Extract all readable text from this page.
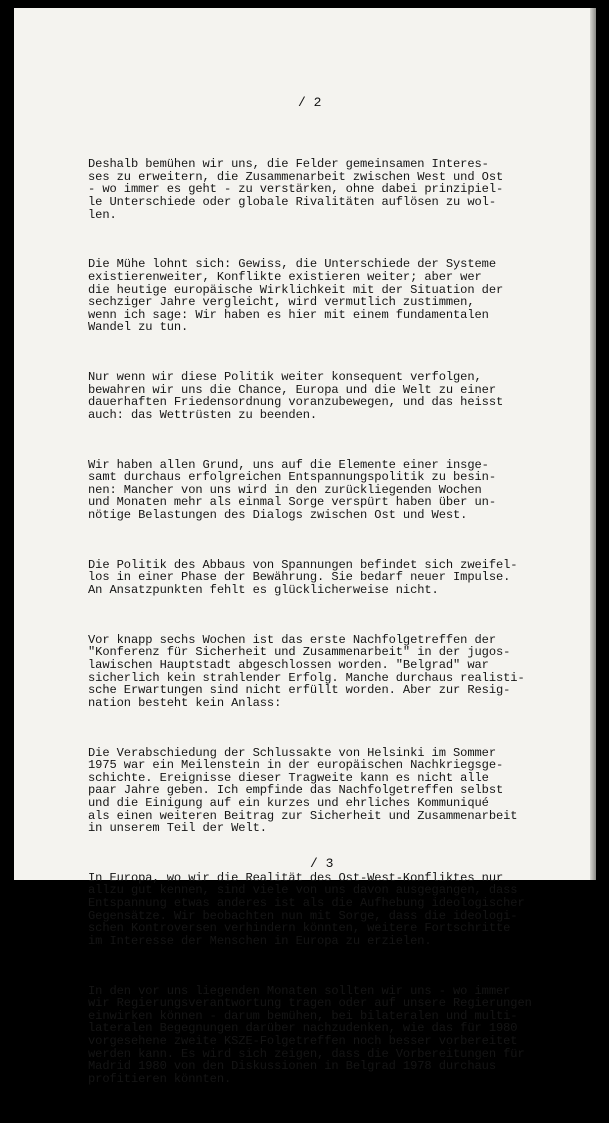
/ 2

Deshalb bemühen wir uns, die Felder gemeinsamen Interes-
ses zu erweitern, die Zusammenarbeit zwischen West und Ost
- wo immer es geht - zu verstärken, ohne dabei prinzipiel-
le Unterschiede oder globale Rivalitäten auflösen zu wol-
len.

Die Mühe lohnt sich: Gewiss, die Unterschiede der Systeme
existierenweiter, Konflikte existieren weiter; aber wer
die heutige europäische Wirklichkeit mit der Situation der
sechziger Jahre vergleicht, wird vermutlich zustimmen,
wenn ich sage: Wir haben es hier mit einem fundamentalen
Wandel zu tun.

Nur wenn wir diese Politik weiter konsequent verfolgen,
bewahren wir uns die Chance, Europa und die Welt zu einer
dauerhaften Friedensordnung voranzubewegen, und das heisst
auch: das Wettrüsten zu beenden.

Wir haben allen Grund, uns auf die Elemente einer insge-
samt durchaus erfolgreichen Entspannungspolitik zu besin-
nen: Mancher von uns wird in den zurückliegenden Wochen
und Monaten mehr als einmal Sorge verspürt haben über un-
nötige Belastungen des Dialogs zwischen Ost und West.

Die Politik des Abbaus von Spannungen befindet sich zweifel-
los in einer Phase der Bewährung. Sie bedarf neuer Impulse.
An Ansatzpunkten fehlt es glücklicherweise nicht.

Vor knapp sechs Wochen ist das erste Nachfolgetreffen der
"Konferenz für Sicherheit und Zusammenarbeit" in der jugos-
lawischen Hauptstadt abgeschlossen worden. "Belgrad" war
sicherlich kein strahlender Erfolg. Manche durchaus realisti-
sche Erwartungen sind nicht erfüllt worden. Aber zur Resig-
nation besteht kein Anlass:

Die Verabschiedung der Schlussakte von Helsinki im Sommer
1975 war ein Meilenstein in der europäischen Nachkriegsge-
schichte. Ereignisse dieser Tragweite kann es nicht alle
paar Jahre geben. Ich empfinde das Nachfolgetreffen selbst
und die Einigung auf ein kurzes und ehrliches Kommuniqué
als einen weiteren Beitrag zur Sicherheit und Zusammenarbeit
in unserem Teil der Welt.

In Europa, wo wir die Realität des Ost-West-Konfliktes nur
allzu gut kennen, sind viele von uns davon ausgegangen, dass
Entspannung etwas anderes ist als die Aufhebung ideologischer
Gegensätze. Wir beobachten nun mit Sorge, dass die ideologi-
schen Kontroversen verhindern könnten, weitere Fortschritte
im Interesse der Menschen in Europa zu erzielen.

In den vor uns liegenden Monaten sollten wir uns - wo immer
wir Regierungsverantwortung tragen oder auf unsere Regierungen
einwirken können - darum bemühen, bei bilateralen und multi-
lateralen Begegnungen darüber nachzudenken, wie das für 1980
vorgesehene zweite KSZE-Folgetreffen noch besser vorbereitet
werden kann. Es wird sich zeigen, dass die Vorbereitungen für
Madrid 1980 von den Diskussionen in Belgrad 1978 durchaus
profitieren könnten.

/ 3
